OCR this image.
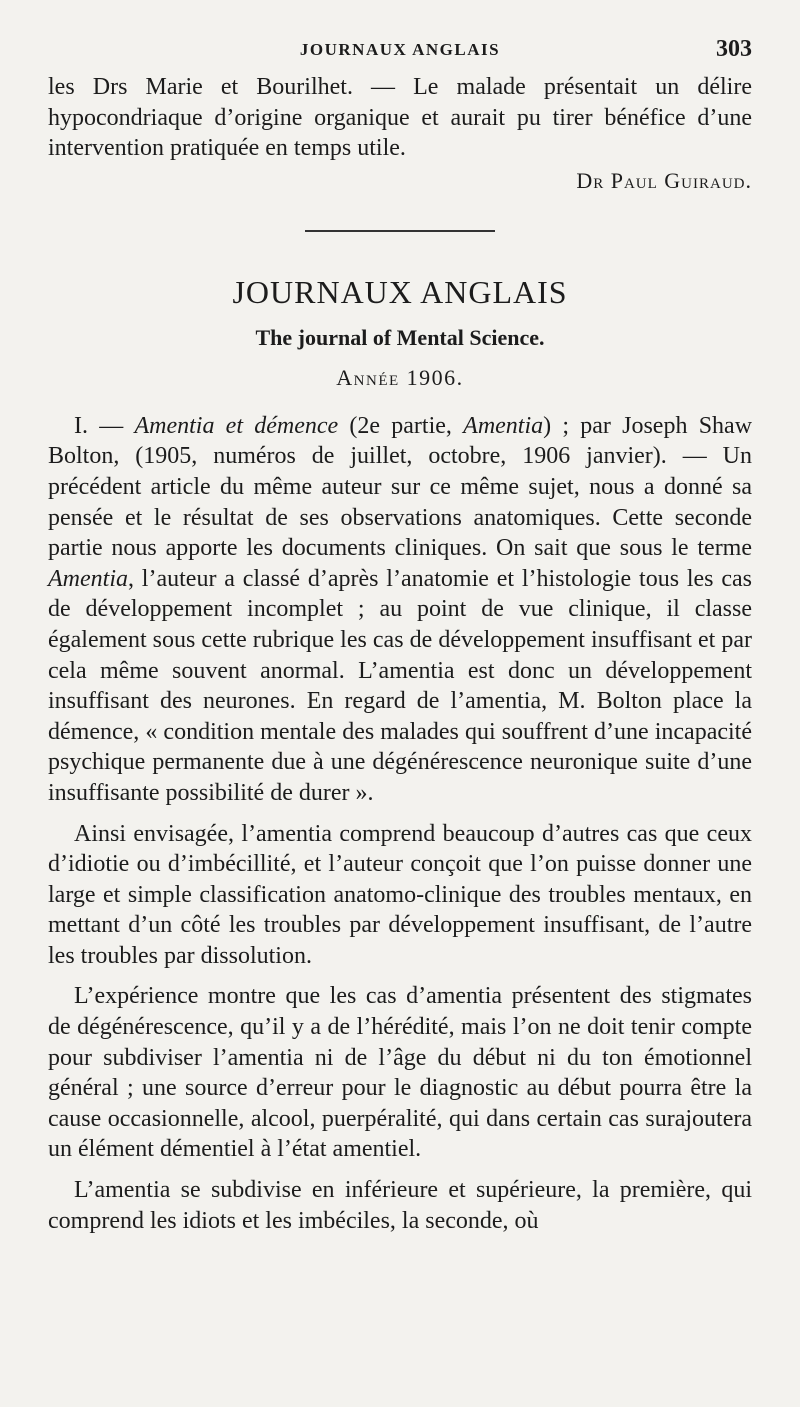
JOURNAUX ANGLAIS	303

les Drs Marie et Bourilhet. — Le malade présentait un délire hypocondriaque d’origine organique et aurait pu tirer bénéfice d’une intervention pratiquée en temps utile.

Dr Paul Guiraud.
JOURNAUX ANGLAIS
The journal of Mental Science.
Année 1906.

I. — Amentia et démence (2e partie, Amentia) ; par Joseph Shaw Bolton, (1905, numéros de juillet, octobre, 1906 janvier). — Un précédent article du même auteur sur ce même sujet, nous a donné sa pensée et le résultat de ses observations anatomiques. Cette seconde partie nous apporte les documents cliniques. On sait que sous le terme Amentia, l’auteur a classé d’après l’anatomie et l’histologie tous les cas de développement incomplet ; au point de vue clinique, il classe également sous cette rubrique les cas de développement insuffisant et par cela même souvent anormal. L’amentia est donc un développement insuffisant des neurones. En regard de l’amentia, M. Bolton place la démence, « condition mentale des malades qui souffrent d’une incapacité psychique permanente due à une dégénérescence neuronique suite d’une insuffisante possibilité de durer ».

Ainsi envisagée, l’amentia comprend beaucoup d’autres cas que ceux d’idiotie ou d’imbécillité, et l’auteur conçoit que l’on puisse donner une large et simple classification anatomo-clinique des troubles mentaux, en mettant d’un côté les troubles par développement insuffisant, de l’autre les troubles par dissolution.

L’expérience montre que les cas d’amentia présentent des stigmates de dégénérescence, qu’il y a de l’hérédité, mais l’on ne doit tenir compte pour subdiviser l’amentia ni de l’âge du début ni du ton émotionnel général ; une source d’erreur pour le diagnostic au début pourra être la cause occasionnelle, alcool, puerpéralité, qui dans certain cas surajoutera un élément démentiel à l’état amentiel.

L’amentia se subdivise en inférieure et supérieure, la première, qui comprend les idiots et les imbéciles, la seconde, où
